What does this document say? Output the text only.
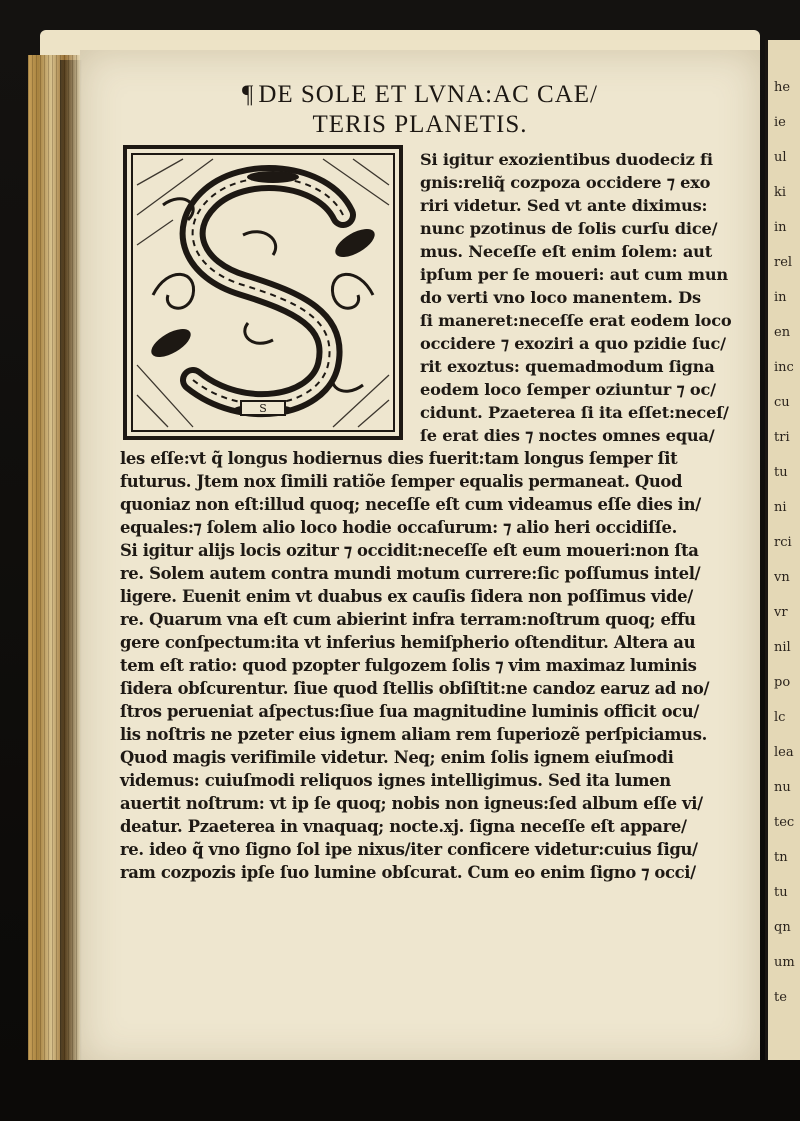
¶ DE SOLE ET LVNA:AC CAE/
TERIS PLANETIS.
S
Si igitur exozientibus duodeciz fi
gnis:reliq̃ cozpoza occidere ⁊ exo
riri videtur. Sed vt ante diximus:
nunc pzotinus de ſolis curſu dice/
mus. Neceſſe eſt enim ſolem: aut
ipſum per ſe moueri: aut cum mun
do verti vno loco manentem. Ds
ſi maneret:neceſſe erat eodem loco
occidere ⁊ exoziri a quo pzidie ſuc/
rit exoztus: quemadmodum ſigna
eodem loco ſemper oziuntur ⁊ oc/
cidunt. Pzaeterea ſi ita eſſet:neceſ/
ſe erat dies ⁊ noctes omnes equa/
les eſſe:vt q̃ longus hodiernus dies fuerit:tam longus ſemper ſit
futurus. Jtem nox ſimili ratiõe ſemper equalis permaneat. Quod
quoniaz non eſt:illud quoq; neceſſe eſt cum videamus eſſe dies in/
equales:⁊ ſolem alio loco hodie occaſurum: ⁊ alio heri occidiſſe.
Si igitur alijs locis ozitur ⁊ occidit:neceſſe eſt eum moueri:non ſta
re. Solem autem contra mundi motum currere:ſic poſſumus intel/
ligere. Euenit enim vt duabus ex cauſis ſidera non poſſimus vide/
re. Quarum vna eſt cum abierint infra terram:noſtrum quoq; effu
gere conſpectum:ita vt inferius hemiſpherio oſtenditur. Altera au
tem eſt ratio: quod pzopter fulgozem ſolis ⁊ vim maximaz luminis
ſidera obſcurentur. ſiue quod ſtellis obſiſtit:ne candoz earuz ad no/
ſtros perueniat aſpectus:ſiue ſua magnitudine luminis officit ocu/
lis noſtris ne pzeter eius ignem aliam rem ſuperiozẽ perſpiciamus.
Quod magis verifimile videtur. Neq; enim ſolis ignem eiuſmodi
videmus: cuiuſmodi reliquos ignes intelligimus. Sed ita lumen
auertit noſtrum: vt ip ſe quoq; nobis non igneus:ſed album eſſe vi/
deatur. Pzaeterea in vnaquaq; nocte.xj. ſigna neceſſe eſt appare/
re. ideo q̃ vno ſigno ſol ipe nixus/iter conficere videtur:cuius ſigu/
ram cozpozis ipſe ſuo lumine obſcurat. Cum eo enim ſigno ⁊ occi/
he
ie
ul
ki
in
rel
in
en
inc
cu
tri
tu
ni
rci
vn
vr
nil
po
lc
lea
nu
tec
tn
tu
qn
um
te
